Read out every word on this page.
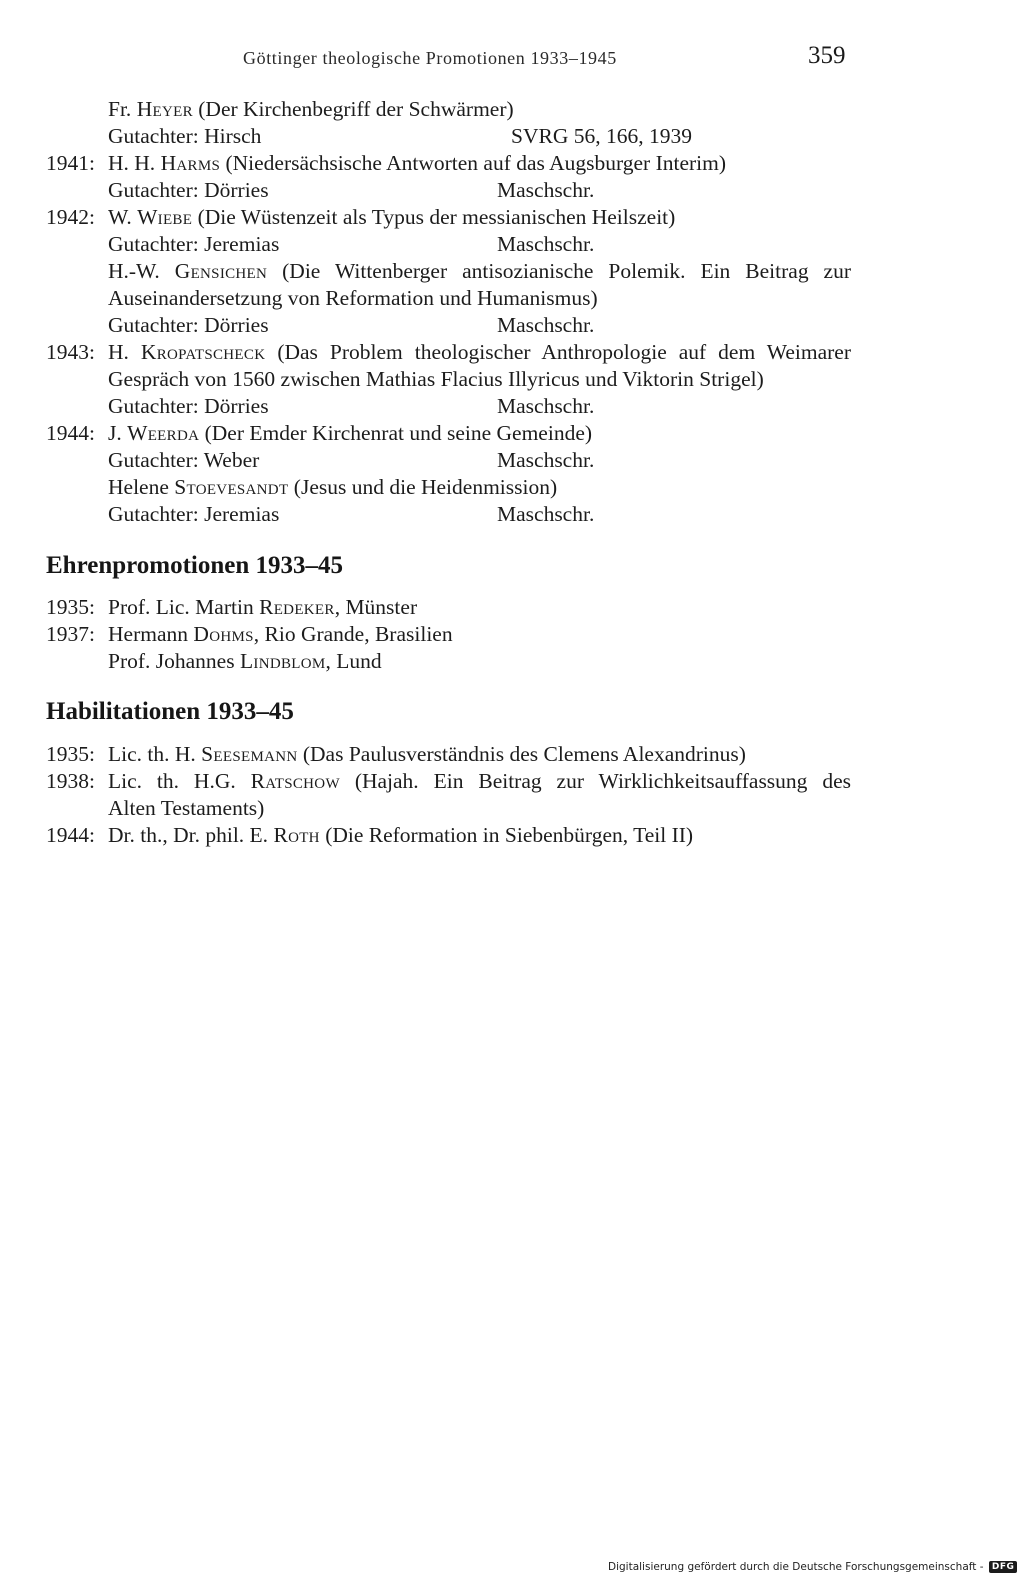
Göttinger theologische Promotionen 1933–1945	359
Fr. Heyer (Der Kirchenbegriff der Schwärmer)
Gutachter: Hirsch	SVRG 56, 166, 1939
1941: H. H. Harms (Niedersächsische Antworten auf das Augsburger Interim)
Gutachter: Dörries	Maschschr.
1942: W. Wiebe (Die Wüstenzeit als Typus der messianischen Heilszeit)
Gutachter: Jeremias	Maschschr.
H.-W. Gensichen (Die Wittenberger antisozianische Polemik. Ein Beitrag zur
Auseinandersetzung von Reformation und Humanismus)
Gutachter: Dörries	Maschschr.
1943: H. Kropatscheck (Das Problem theologischer Anthropologie auf dem Weimarer
Gespräch von 1560 zwischen Mathias Flacius Illyricus und Viktorin Strigel)
Gutachter: Dörries	Maschschr.
1944: J. Weerda (Der Emder Kirchenrat und seine Gemeinde)
Gutachter: Weber	Maschschr.
Helene Stoevesandt (Jesus und die Heidenmission)
Gutachter: Jeremias	Maschschr.
Ehrenpromotionen 1933–45
1935: Prof. Lic. Martin Redeker, Münster
1937: Hermann Dohms, Rio Grande, Brasilien
Prof. Johannes Lindblom, Lund
Habilitationen 1933–45
1935: Lic. th. H. Seesemann (Das Paulusverständnis des Clemens Alexandrinus)
1938: Lic. th. H.G. Ratschow (Hajah. Ein Beitrag zur Wirklichkeitsauffassung des
Alten Testaments)
1944: Dr. th., Dr. phil. E. Roth (Die Reformation in Siebenbürgen, Teil II)
Digitalisierung gefördert durch die Deutsche Forschungsgemeinschaft - DFG
